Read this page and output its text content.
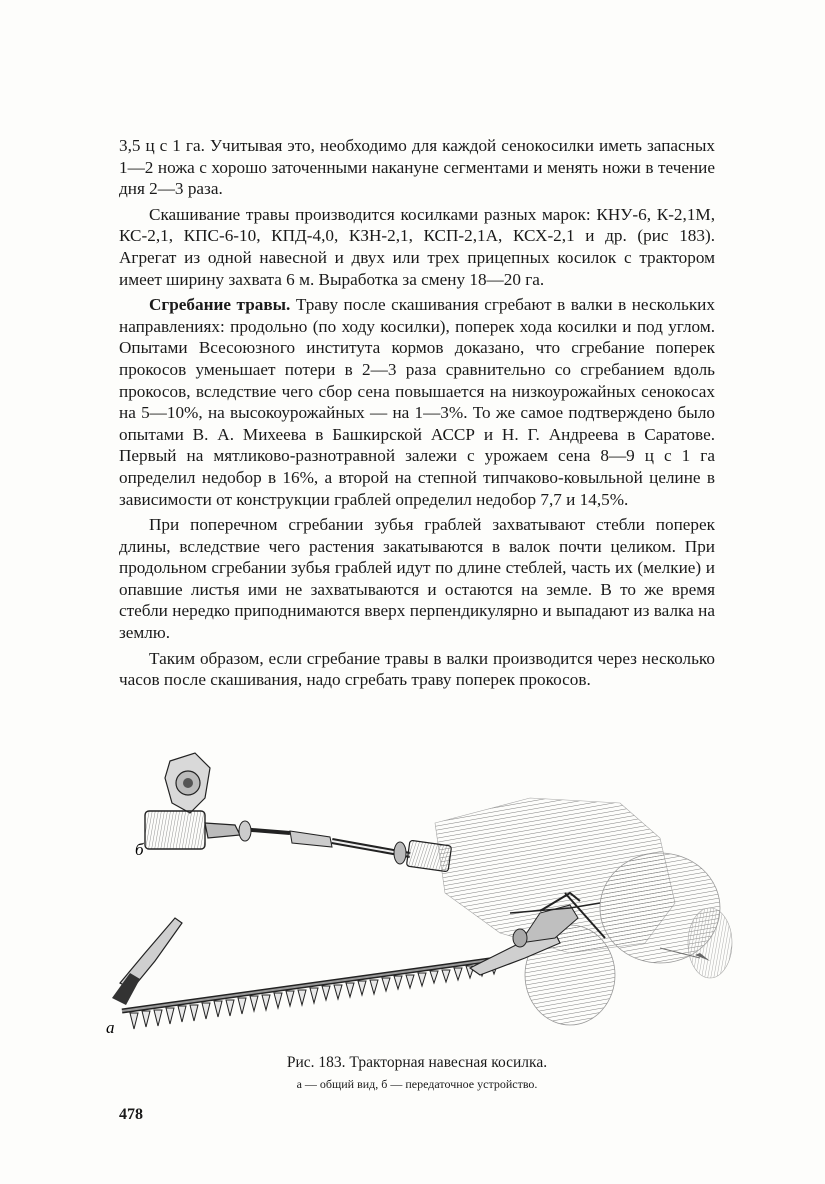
3,5 ц с 1 га. Учитывая это, необходимо для каждой сенокосилки иметь запасных 1—2 ножа с хорошо заточенными накануне сегментами и менять ножи в течение дня 2—3 раза.

Скашивание травы производится косилками разных марок: КНУ-6, К-2,1М, КС-2,1, КПС-6-10, КПД-4,0, КЗН-2,1, КСП-2,1А, КСХ-2,1 и др. (рис 183). Агрегат из одной навесной и двух или трех прицепных косилок с трактором имеет ширину захвата 6 м. Выработка за смену 18—20 га.

Сгребание травы. Траву после скашивания сгребают в валки в нескольких направлениях: продольно (по ходу косилки), поперек хода косилки и под углом. Опытами Всесоюзного института кормов доказано, что сгребание поперек прокосов уменьшает потери в 2—3 раза сравнительно со сгребанием вдоль прокосов, вследствие чего сбор сена повышается на низкоурожайных сенокосах на 5—10%, на высокоурожайных — на 1—3%. То же самое подтверждено было опытами В. А. Михеева в Башкирской АССР и Н. Г. Андреева в Саратове. Первый на мятликово-разнотравной залежи с урожаем сена 8—9 ц с 1 га определил недобор в 16%, а второй на степной типчаково-ковыльной целине в зависимости от конструкции граблей определил недобор 7,7 и 14,5%.

При поперечном сгребании зубья граблей захватывают стебли поперек длины, вследствие чего растения закатываются в валок почти целиком. При продольном сгребании зубья граблей идут по длине стеблей, часть их (мелкие) и опавшие листья ими не захватываются и остаются на земле. В то же время стебли нередко приподнимаются вверх перпендикулярно и выпадают из валка на землю.

Таким образом, если сгребание травы в валки производится через несколько часов после скашивания, надо сгребать траву поперек прокосов.

б
а
Рис. 183. Тракторная навесная косилка.
а — общий вид, б — передаточное устройство.
478
